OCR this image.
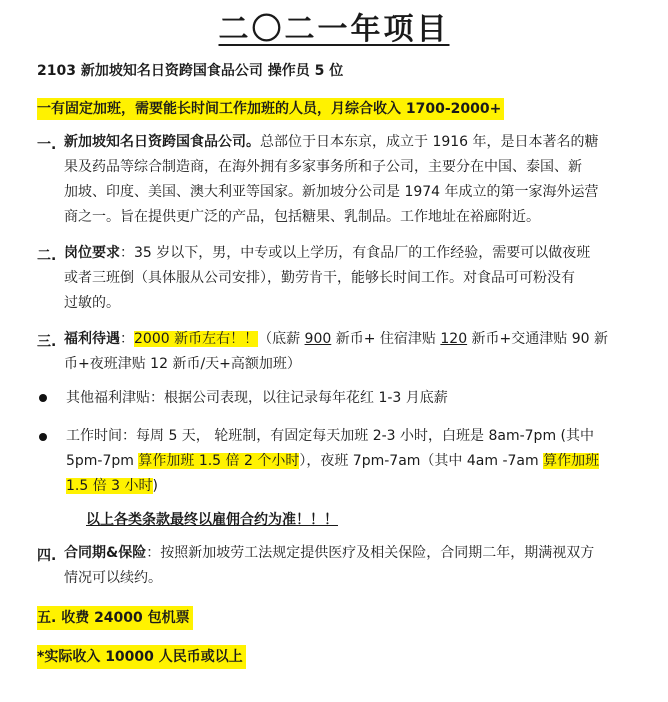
二〇二一年项目
2103 新加坡知名日资跨国食品公司 操作员 5 位
一有固定加班，需要能长时间工作加班的人员，月综合收入 1700-2000+
一. 新加坡知名日资跨国食品公司。总部位于日本东京，成立于 1916 年，是日本著名的糖
果及药品等综合制造商，在海外拥有多家事务所和子公司，主要分在中国、泰国、新
加坡、印度、美国、澳大利亚等国家。新加坡分公司是 1974 年成立的第一家海外运营
商之一。旨在提供更广泛的产品，包括糖果、乳制品。工作地址在裕廊附近。
二. 岗位要求：35 岁以下，男，中专或以上学历，有食品厂的工作经验，需要可以做夜班
或者三班倒（具体服从公司安排），勤劳肯干，能够长时间工作。对食品可可粉没有
过敏的。
三. 福利待遇：2000 新币左右！！（底薪 900 新币+ 住宿津贴 120 新币+交通津贴 90 新
币+夜班津贴 12 新币/天+高额加班）
其他福利津贴：根据公司表现，以往记录每年花红 1-3 月底薪
工作时间：每周 5 天， 轮班制，有固定每天加班 2-3 小时，白班是 8am-7pm (其中
5pm-7pm 算作加班 1.5 倍 2 个小时），夜班 7pm-7am（其中 4am -7am 算作加班
1.5 倍 3 小时)
以上各类条款最终以雇佣合约为准！！！
四. 合同期&保险：按照新加坡劳工法规定提供医疗及相关保险，合同期二年，期满视双方
情况可以续约。
五. 收费 24000 包机票
*实际收入 10000 人民币或以上
